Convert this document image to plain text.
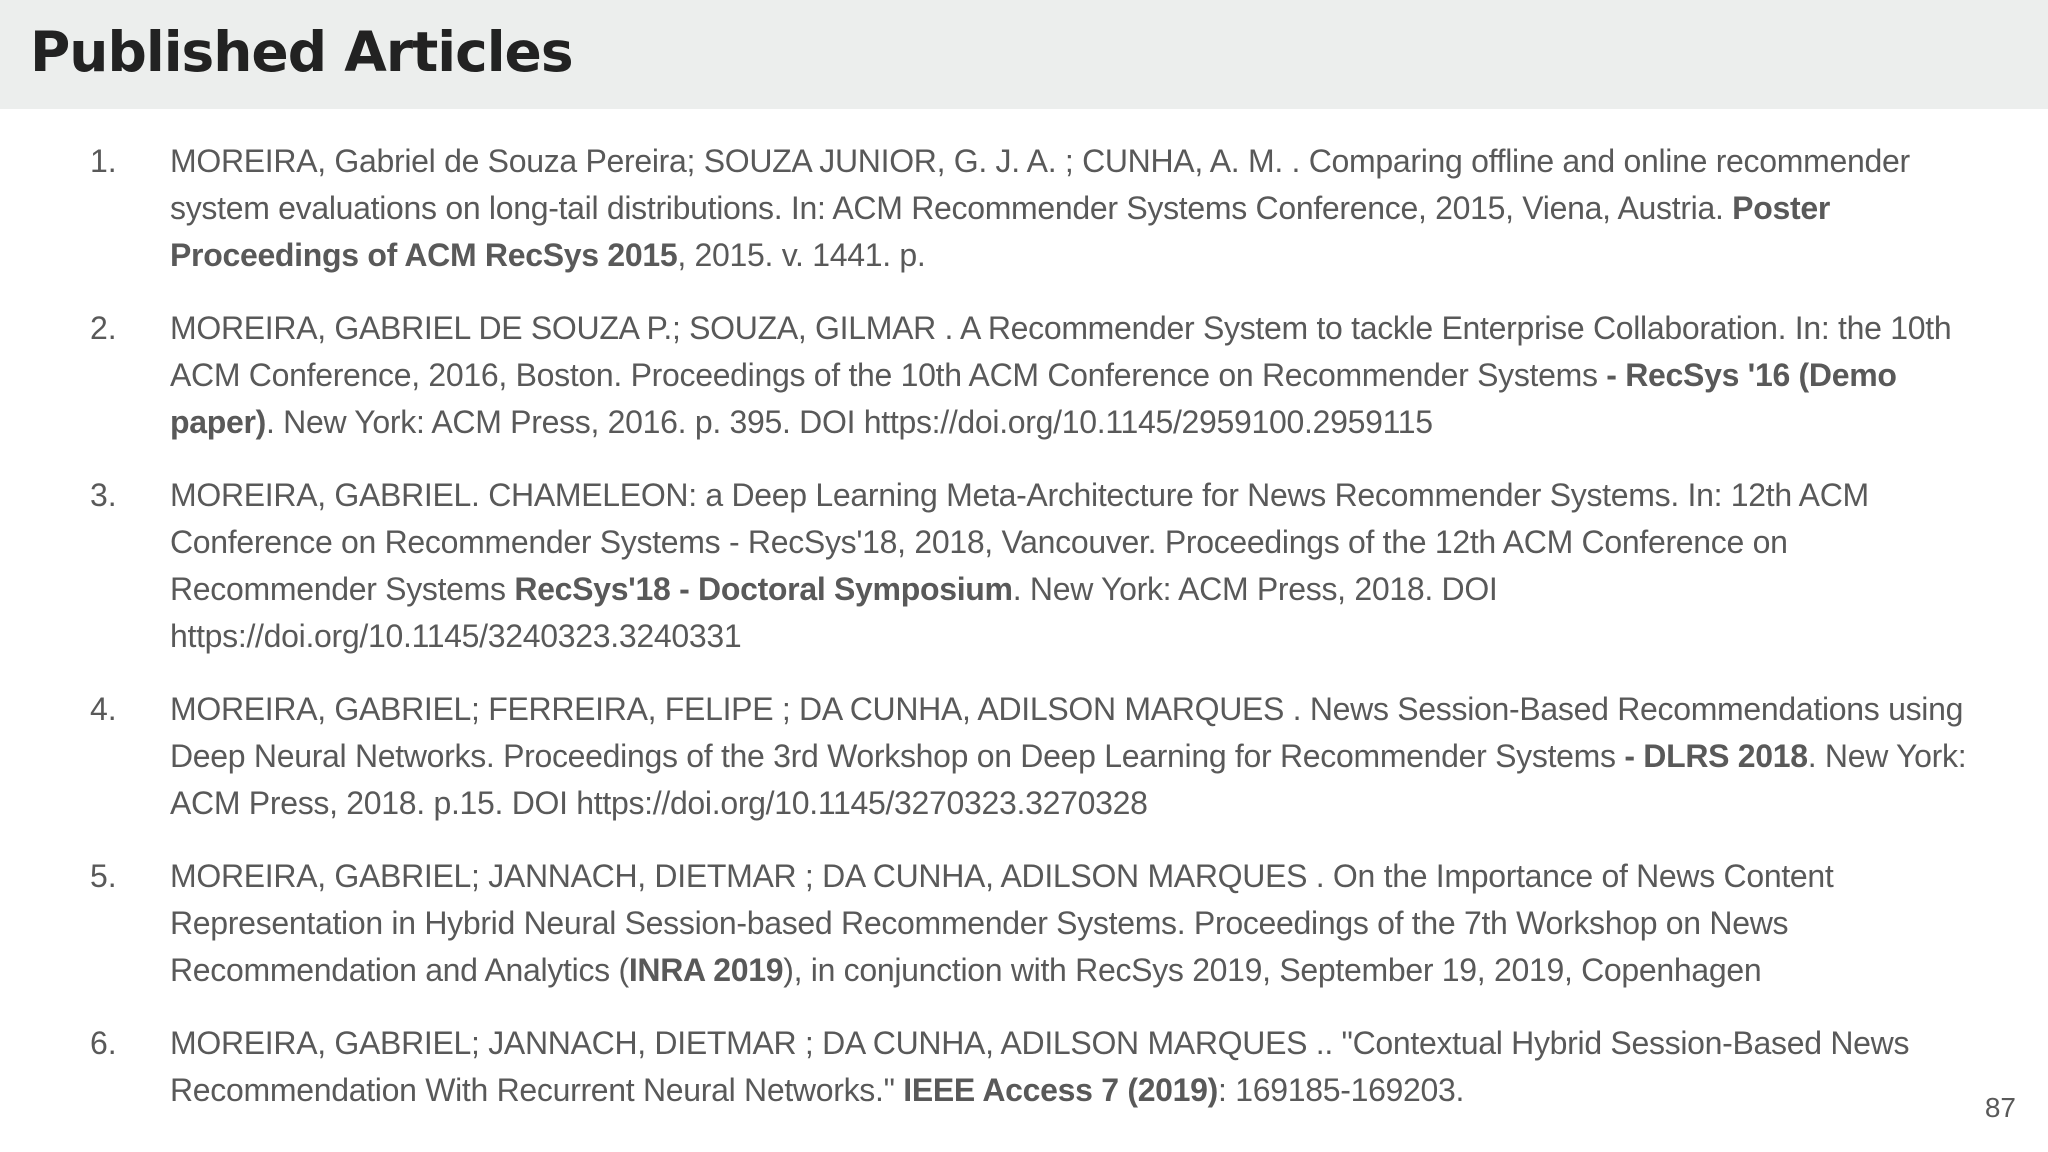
Published Articles
1. MOREIRA, Gabriel de Souza Pereira; SOUZA JUNIOR, G. J. A. ; CUNHA, A. M. . Comparing offline and online recommender system evaluations on long-tail distributions. In: ACM Recommender Systems Conference, 2015, Viena, Austria. Poster Proceedings of ACM RecSys 2015, 2015. v. 1441. p.
2. MOREIRA, GABRIEL DE SOUZA P.; SOUZA, GILMAR . A Recommender System to tackle Enterprise Collaboration. In: the 10th ACM Conference, 2016, Boston. Proceedings of the 10th ACM Conference on Recommender Systems - RecSys '16 (Demo paper). New York: ACM Press, 2016. p. 395. DOI https://doi.org/10.1145/2959100.2959115
3. MOREIRA, GABRIEL. CHAMELEON: a Deep Learning Meta-Architecture for News Recommender Systems. In: 12th ACM Conference on Recommender Systems - RecSys'18, 2018, Vancouver. Proceedings of the 12th ACM Conference on Recommender Systems RecSys'18 - Doctoral Symposium. New York: ACM Press, 2018. DOI https://doi.org/10.1145/3240323.3240331
4. MOREIRA, GABRIEL; FERREIRA, FELIPE ; DA CUNHA, ADILSON MARQUES . News Session-Based Recommendations using Deep Neural Networks. Proceedings of the 3rd Workshop on Deep Learning for Recommender Systems - DLRS 2018. New York: ACM Press, 2018. p.15. DOI https://doi.org/10.1145/3270323.3270328
5. MOREIRA, GABRIEL; JANNACH, DIETMAR ; DA CUNHA, ADILSON MARQUES . On the Importance of News Content Representation in Hybrid Neural Session-based Recommender Systems. Proceedings of the 7th Workshop on News Recommendation and Analytics (INRA 2019), in conjunction with RecSys 2019, September 19, 2019, Copenhagen
6. MOREIRA, GABRIEL; JANNACH, DIETMAR ; DA CUNHA, ADILSON MARQUES .. "Contextual Hybrid Session-Based News Recommendation With Recurrent Neural Networks." IEEE Access 7 (2019): 169185-169203.	87
